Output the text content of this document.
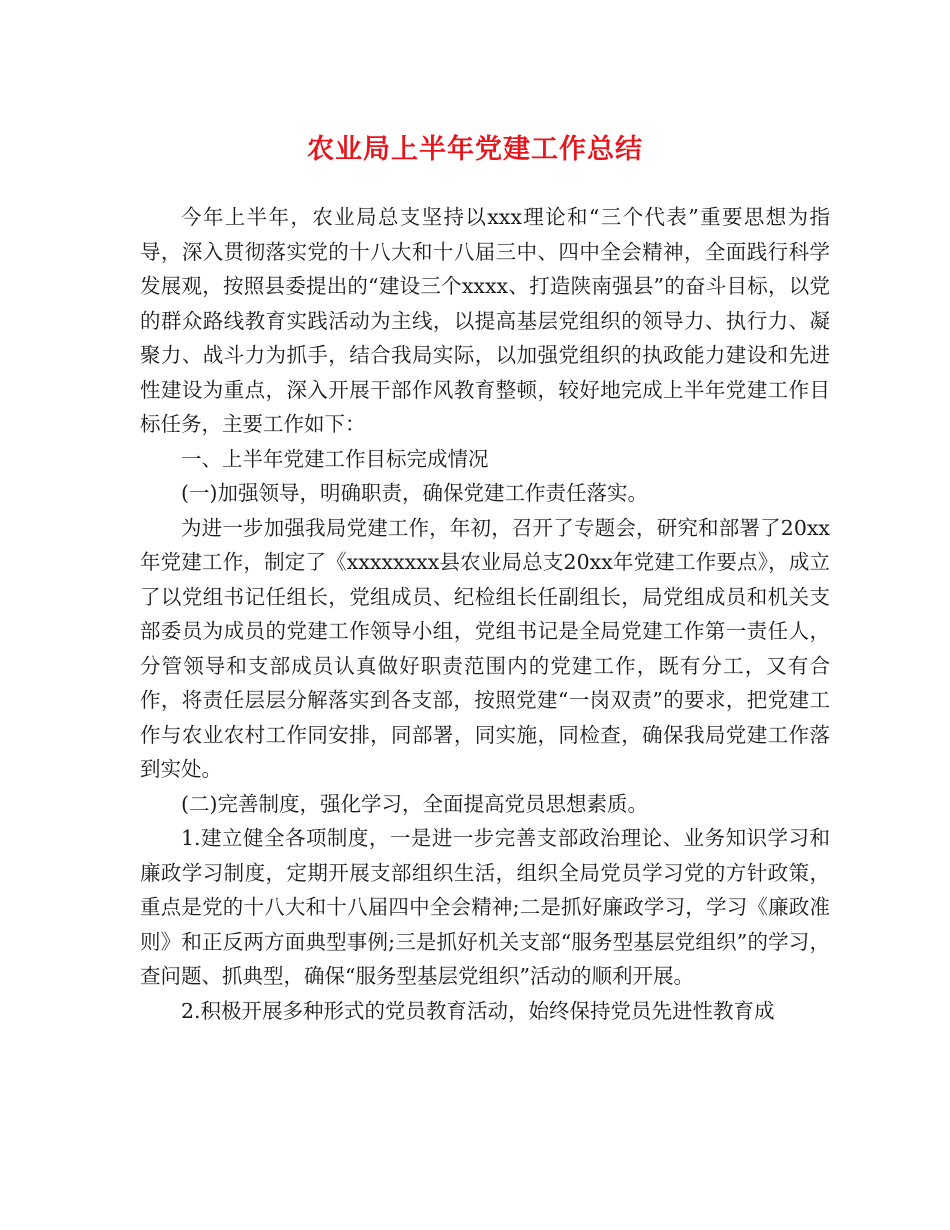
农业局上半年党建工作总结

今年上半年，农业局总支坚持以xxx理论和“三个代表”重要思想为指导，深入贯彻落实党的十八大和十八届三中、四中全会精神，全面践行科学发展观，按照县委提出的“建设三个xxxx、打造陕南强县”的奋斗目标，以党的群众路线教育实践活动为主线，以提高基层党组织的领导力、执行力、凝聚力、战斗力为抓手，结合我局实际，以加强党组织的执政能力建设和先进性建设为重点，深入开展干部作风教育整顿，较好地完成上半年党建工作目标任务，主要工作如下：

一、上半年党建工作目标完成情况

(一)加强领导，明确职责，确保党建工作责任落实。

为进一步加强我局党建工作，年初，召开了专题会，研究和部署了20xx年党建工作，制定了《xxxxxxxx县农业局总支20xx年党建工作要点》，成立了以党组书记任组长，党组成员、纪检组长任副组长，局党组成员和机关支部委员为成员的党建工作领导小组，党组书记是全局党建工作第一责任人，分管领导和支部成员认真做好职责范围内的党建工作，既有分工，又有合作，将责任层层分解落实到各支部，按照党建“一岗双责”的要求，把党建工作与农业农村工作同安排，同部署，同实施，同检查，确保我局党建工作落到实处。

(二)完善制度，强化学习，全面提高党员思想素质。

1.建立健全各项制度，一是进一步完善支部政治理论、业务知识学习和廉政学习制度，定期开展支部组织生活，组织全局党员学习党的方针政策，重点是党的十八大和十八届四中全会精神;二是抓好廉政学习，学习《廉政准则》和正反两方面典型事例;三是抓好机关支部“服务型基层党组织”的学习，查问题、抓典型，确保“服务型基层党组织”活动的顺利开展。

2.积极开展多种形式的党员教育活动，始终保持党员先进性教育成
